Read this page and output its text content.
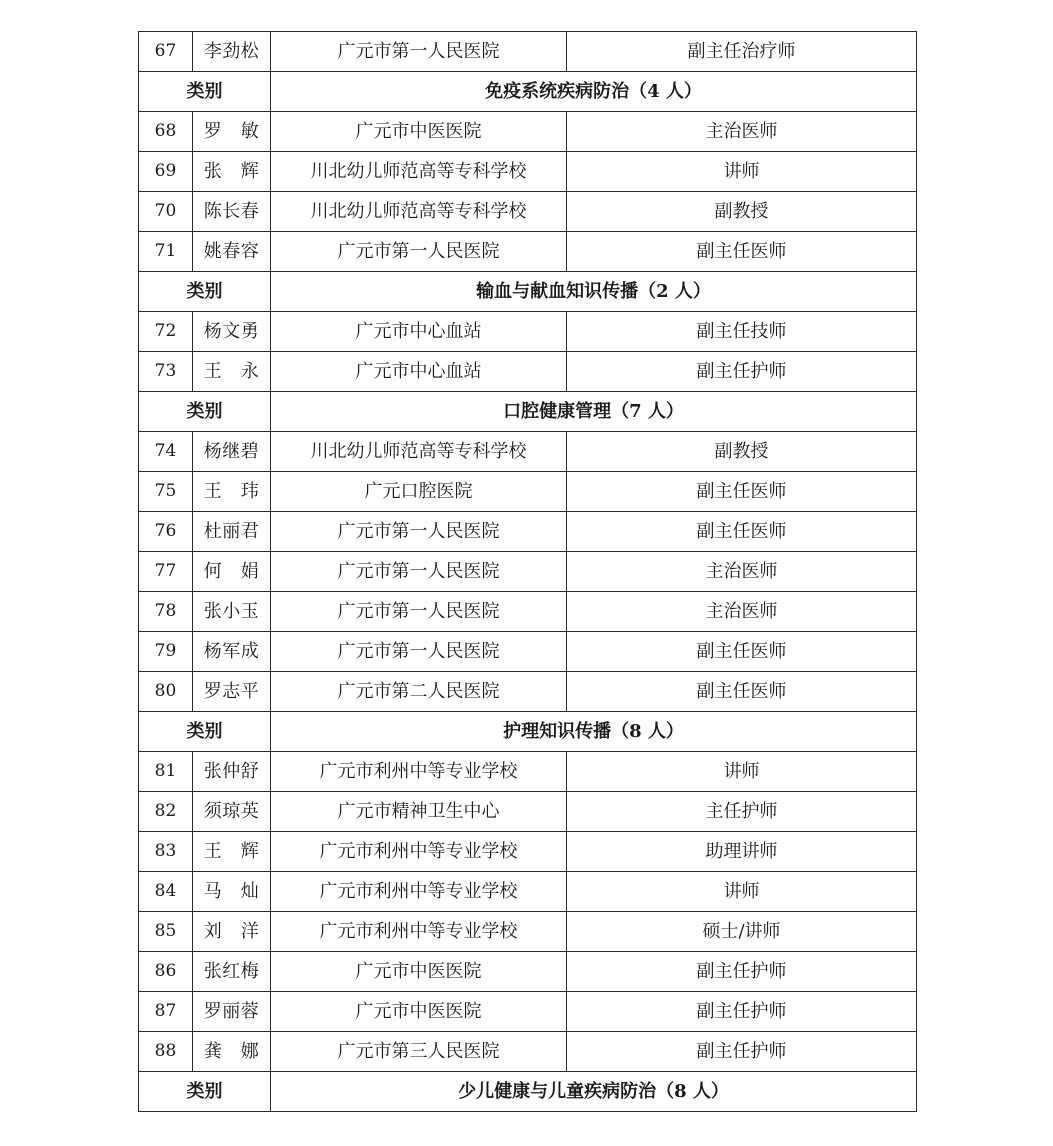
67	李劲松	广元市第一人民医院	副主任治疗师
类别		免疫系统疾病防治（4 人）	
68	罗　敏	广元市中医医院	主治医师
69	张　辉	川北幼儿师范高等专科学校	讲师
70	陈长春	川北幼儿师范高等专科学校	副教授
71	姚春容	广元市第一人民医院	副主任医师
类别		输血与献血知识传播（2 人）	
72	杨文勇	广元市中心血站	副主任技师
73	王　永	广元市中心血站	副主任护师
类别		口腔健康管理（7 人）	
74	杨继碧	川北幼儿师范高等专科学校	副教授
75	王　玮	广元口腔医院	副主任医师
76	杜丽君	广元市第一人民医院	副主任医师
77	何　娟	广元市第一人民医院	主治医师
78	张小玉	广元市第一人民医院	主治医师
79	杨军成	广元市第一人民医院	副主任医师
80	罗志平	广元市第二人民医院	副主任医师
类别		护理知识传播（8 人）	
81	张仲舒	广元市利州中等专业学校	讲师
82	须琼英	广元市精神卫生中心	主任护师
83	王　辉	广元市利州中等专业学校	助理讲师
84	马　灿	广元市利州中等专业学校	讲师
85	刘　洋	广元市利州中等专业学校	硕士/讲师
86	张红梅	广元市中医医院	副主任护师
87	罗丽蓉	广元市中医医院	副主任护师
88	龚　娜	广元市第三人民医院	副主任护师
类别		少儿健康与儿童疾病防治（8 人）	
